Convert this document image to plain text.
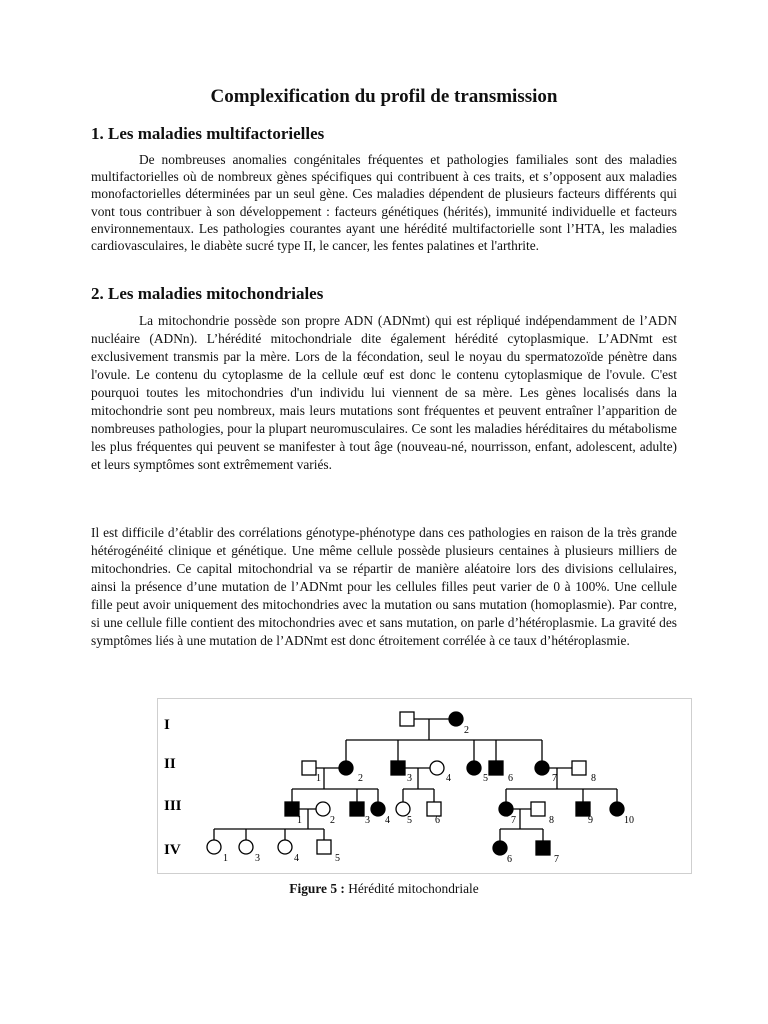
Complexification du profil de transmission
1. Les maladies multifactorielles

De nombreuses anomalies congénitales fréquentes et pathologies familiales sont des maladies multifactorielles où de nombreux gènes spécifiques qui contribuent à ces traits, et s’opposent aux maladies monofactorielles déterminées par un seul gène. Ces maladies dépendent de plusieurs facteurs différents qui vont tous contribuer à son développement : facteurs génétiques (hérités), immunité individuelle et facteurs environnementaux. Les pathologies courantes ayant une hérédité multifactorielle sont l’HTA, les maladies cardiovasculaires, le diabète sucré type II, le cancer, les fentes palatines et l'arthrite.

2. Les maladies mitochondriales

La mitochondrie possède son propre ADN (ADNmt) qui est répliqué indépendamment de l’ADN nucléaire (ADNn). L’hérédité mitochondriale dite également hérédité cytoplasmique. L’ADNmt est exclusivement transmis par la mère. Lors de la fécondation, seul le noyau du spermatozoïde pénètre dans l'ovule. Le contenu du cytoplasme de la cellule œuf est donc le contenu cytoplasmique de l'ovule. C'est pourquoi toutes les mitochondries d'un individu lui viennent de sa mère. Les gènes localisés dans la mitochondrie sont peu nombreux, mais leurs mutations sont fréquentes et peuvent entraîner l’apparition de nombreuses pathologies, pour la plupart neuromusculaires. Ce sont les maladies héréditaires du métabolisme les plus fréquentes qui peuvent se manifester à tout âge (nouveau-né, nourrisson, enfant, adolescent, adulte) et leurs symptômes sont extrêmement variés.

Il est difficile d’établir des corrélations génotype-phénotype dans ces pathologies en raison de la très grande hétérogénéité clinique et génétique. Une même cellule possède plusieurs centaines à plusieurs milliers de mitochondries. Ce capital mitochondrial va se répartir de manière aléatoire lors des divisions cellulaires, ainsi la présence d’une mutation de l’ADNmt pour les cellules filles peut varier de 0 à 100%. Une cellule fille peut avoir uniquement des mitochondries avec la mutation ou sans mutation (homoplasmie). Par contre, si une cellule fille contient des mitochondries avec et sans mutation, on parle d’hétéroplasmie. La gravité des symptômes liés à une mutation de l’ADNmt est donc étroitement corrélée à ce taux d’hétéroplasmie.

I
II
III
IV
2
1	2	3	4	5 6	7	8
1	2	3 4 5 6	7	8	9	10
1	3	4	5	6	7

Figure 5 : Hérédité mitochondriale
